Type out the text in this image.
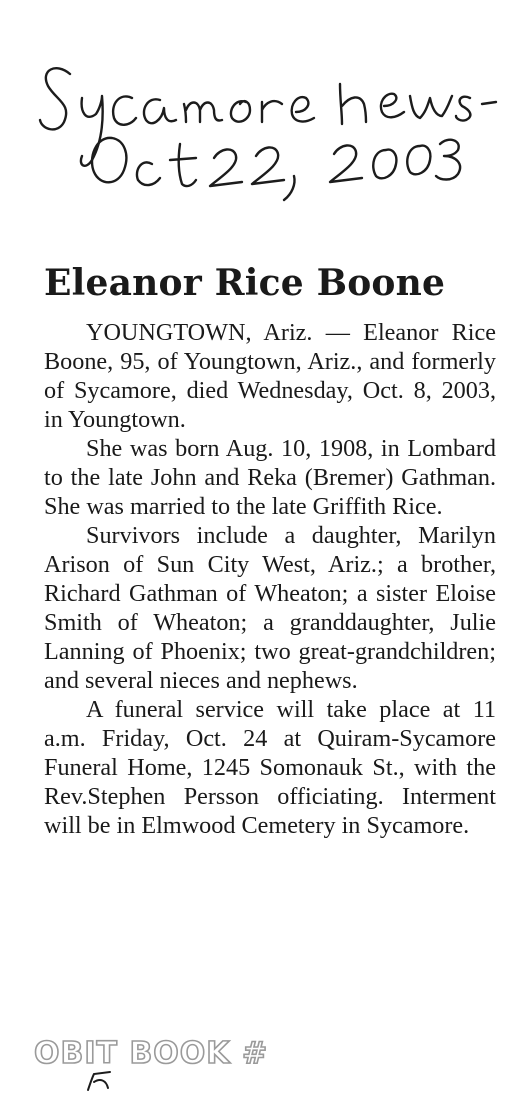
Eleanor Rice Boone

YOUNGTOWN, Ariz. — Eleanor Rice Boone, 95, of Youngtown, Ariz., and formerly of Sycamore, died Wednesday, Oct. 8, 2003, in Youngtown.

She was born Aug. 10, 1908, in Lombard to the late John and Reka (Bremer) Gathman. She was married to the late Griffith Rice.

Survivors include a daughter, Marilyn Arison of Sun City West, Ariz.; a brother, Richard Gathman of Wheaton; a sister Eloise Smith of Wheaton; a granddaughter, Julie Lanning of Phoenix; two great-grandchildren; and several nieces and nephews.

A funeral service will take place at 11 a.m. Friday, Oct. 24 at Quiram-Sycamore Funeral Home, 1245 Somonauk St., with the Rev.Stephen Persson officiating. Interment will be in Elmwood Cemetery in Sycamore.

OBIT BOOK #
